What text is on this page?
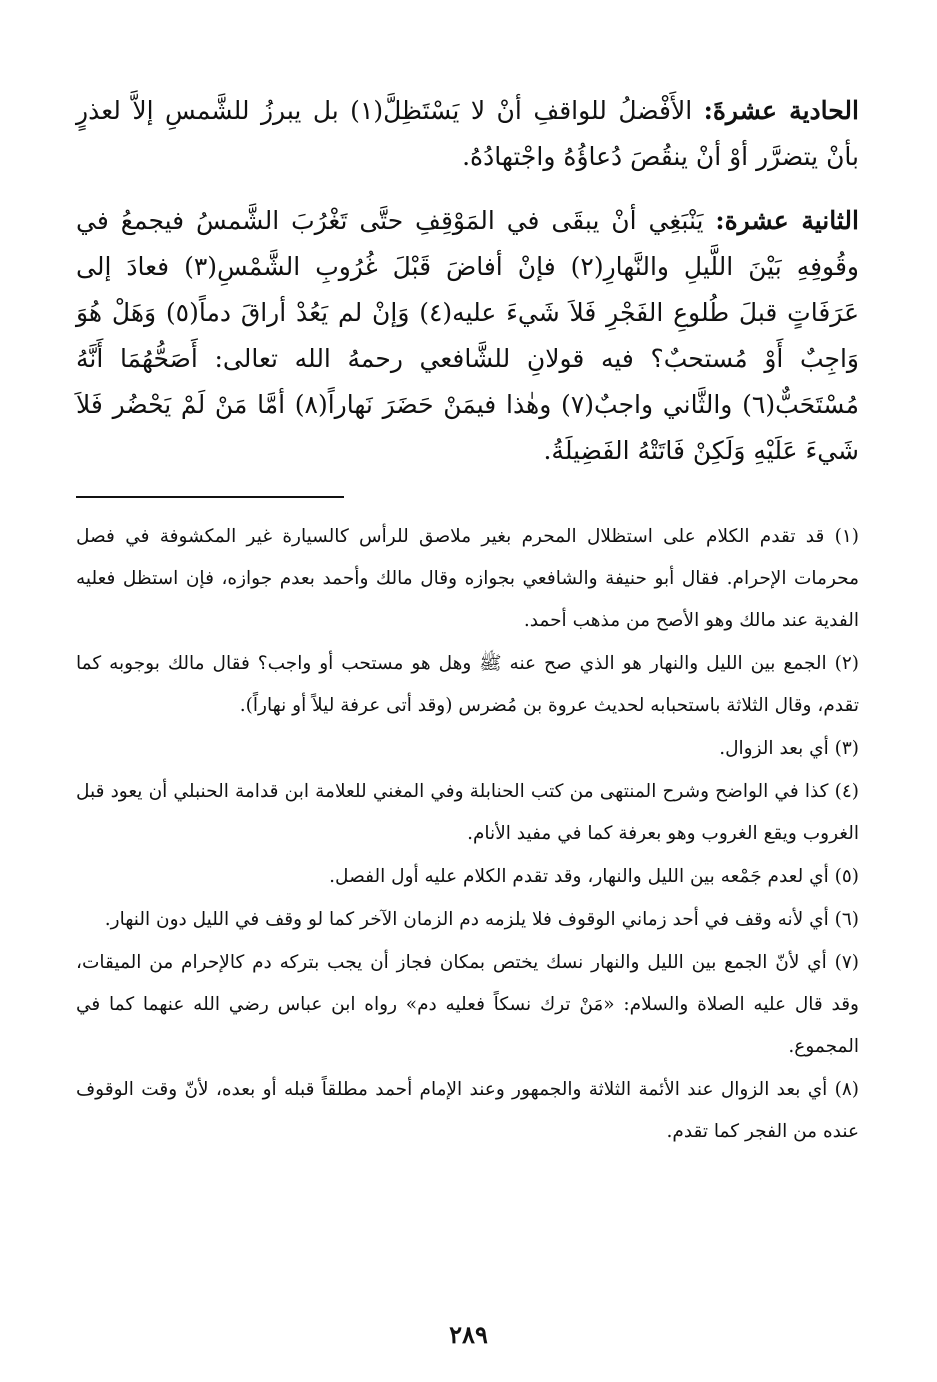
الحادية عشرةَ: الأَفْضلُ للواقفِ أنْ لا يَسْتَظِلَّ(١) بل يبرزُ للشَّمسِ إلاَّ لعذرٍ بأنْ يتضرَّر أوْ أنْ ينقُصَ دُعاؤُهُ واجْتهادُهُ.

الثانية عشرة: يَنْبَغِي أنْ يبقَى في المَوْقِفِ حتَّى تَغْرُبَ الشَّمسُ فيجمعُ في وقُوفِهِ بَيْنَ اللَّيلِ والنَّهارِ(٢) فإنْ أفاضَ قَبْلَ غُرُوبِ الشَّمْسِ(٣) فعادَ إلى عَرَفَاتٍ قبلَ طُلوعِ الفَجْرِ فَلاَ شَيءَ عليه(٤) وَإنْ لم يَعُدْ أراقَ دماً(٥) وَهَلْ هُوَ وَاجِبٌ أَوْ مُستحبٌ؟ فيه قولانِ للشَّافعي رحمهُ الله تعالى: أَصَحُّهُمَا أَنَّهُ مُسْتَحَبٌّ(٦) والثَّاني واجبٌ(٧) وهٰذا فيمَنْ حَضَرَ نَهاراً(٨) أمَّا مَنْ لَمْ يَحْضُر فَلاَ شَيءَ عَلَيْهِ وَلَكِنْ فَاتَتْهُ الفَضِيلَةُ.

(١) قد تقدم الكلام على استظلال المحرم بغير ملاصق للرأس كالسيارة غير المكشوفة في فصل محرمات الإحرام. فقال أبو حنيفة والشافعي بجوازه وقال مالك وأحمد بعدم جوازه، فإن استظل فعليه الفدية عند مالك وهو الأصح من مذهب أحمد.

(٢) الجمع بين الليل والنهار هو الذي صح عنه ﷺ وهل هو مستحب أو واجب؟ فقال مالك بوجوبه كما تقدم، وقال الثلاثة باستحبابه لحديث عروة بن مُضرس (وقد أتى عرفة ليلاً أو نهاراً).

(٣) أي بعد الزوال.

(٤) كذا في الواضح وشرح المنتهى من كتب الحنابلة وفي المغني للعلامة ابن قدامة الحنبلي أن يعود قبل الغروب ويقع الغروب وهو بعرفة كما في مفيد الأنام.

(٥) أي لعدم جَمْعه بين الليل والنهار، وقد تقدم الكلام عليه أول الفصل.

(٦) أي لأنه وقف في أحد زماني الوقوف فلا يلزمه دم الزمان الآخر كما لو وقف في الليل دون النهار.

(٧) أي لأنّ الجمع بين الليل والنهار نسك يختص بمكان فجاز أن يجب بتركه دم كالإحرام من الميقات، وقد قال عليه الصلاة والسلام: «مَنْ ترك نسكاً فعليه دم» رواه ابن عباس رضي الله عنهما كما في المجموع.

(٨) أي بعد الزوال عند الأئمة الثلاثة والجمهور وعند الإمام أحمد مطلقاً قبله أو بعده، لأنّ وقت الوقوف عنده من الفجر كما تقدم.

٢٨٩
